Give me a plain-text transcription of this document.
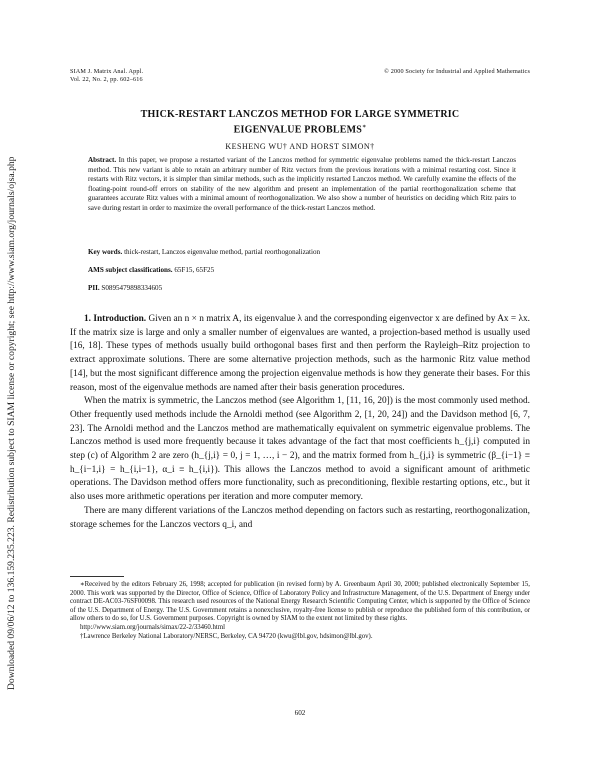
Downloaded 09/06/12 to 136.159.235.223. Redistribution subject to SIAM license or copyright; see http://www.siam.org/journals/ojsa.php
SIAM J. Matrix Anal. Appl.
Vol. 22, No. 2, pp. 602–616
© 2000 Society for Industrial and Applied Mathematics
THICK-RESTART LANCZOS METHOD FOR LARGE SYMMETRIC
EIGENVALUE PROBLEMS∗
KESHENG WU† AND HORST SIMON†
Abstract. In this paper, we propose a restarted variant of the Lanczos method for symmetric eigenvalue problems named the thick-restart Lanczos method. This new variant is able to retain an arbitrary number of Ritz vectors from the previous iterations with a minimal restarting cost. Since it restarts with Ritz vectors, it is simpler than similar methods, such as the implicitly restarted Lanczos method. We carefully examine the effects of the floating-point round-off errors on stability of the new algorithm and present an implementation of the partial reorthogonalization scheme that guarantees accurate Ritz values with a minimal amount of reorthogonalization. We also show a number of heuristics on deciding which Ritz pairs to save during restart in order to maximize the overall performance of the thick-restart Lanczos method.
Key words. thick-restart, Lanczos eigenvalue method, partial reorthogonalization
AMS subject classifications. 65F15, 65F25
PII. S0895479898334605

1. Introduction. Given an n × n matrix A, its eigenvalue λ and the corresponding eigenvector x are defined by Ax = λx. If the matrix size is large and only a smaller number of eigenvalues are wanted, a projection-based method is usually used [16, 18]. These types of methods usually build orthogonal bases first and then perform the Rayleigh–Ritz projection to extract approximate solutions. There are some alternative projection methods, such as the harmonic Ritz value method [14], but the most significant difference among the projection eigenvalue methods is how they generate their bases. For this reason, most of the eigenvalue methods are named after their basis generation procedures.

When the matrix is symmetric, the Lanczos method (see Algorithm 1, [11, 16, 20]) is the most commonly used method. Other frequently used methods include the Arnoldi method (see Algorithm 2, [1, 20, 24]) and the Davidson method [6, 7, 23]. The Arnoldi method and the Lanczos method are mathematically equivalent on symmetric eigenvalue problems. The Lanczos method is used more frequently because it takes advantage of the fact that most coefficients h_{j,i} computed in step (c) of Algorithm 2 are zero (h_{j,i} = 0, j = 1, …, i − 2), and the matrix formed from h_{j,i} is symmetric (β_{i−1} ≡ h_{i−1,i} = h_{i,i−1}, α_i ≡ h_{i,i}). This allows the Lanczos method to avoid a significant amount of arithmetic operations. The Davidson method offers more functionality, such as preconditioning, flexible restarting options, etc., but it also uses more arithmetic operations per iteration and more computer memory.

There are many different variations of the Lanczos method depending on factors such as restarting, reorthogonalization, storage schemes for the Lanczos vectors q_i, and

∗Received by the editors February 26, 1998; accepted for publication (in revised form) by A. Greenbaum April 30, 2000; published electronically September 15, 2000. This work was supported by the Director, Office of Science, Office of Laboratory Policy and Infrastructure Management, of the U.S. Department of Energy under contract DE-AC03-76SF00098. This research used resources of the National Energy Research Scientific Computing Center, which is supported by the Office of Science of the U.S. Department of Energy. The U.S. Government retains a nonexclusive, royalty-free license to publish or reproduce the published form of this contribution, or allow others to do so, for U.S. Government purposes. Copyright is owned by SIAM to the extent not limited by these rights.

http://www.siam.org/journals/simax/22-2/33460.html

†Lawrence Berkeley National Laboratory/NERSC, Berkeley, CA 94720 (kwu@lbl.gov, hdsimon@lbl.gov).

602
